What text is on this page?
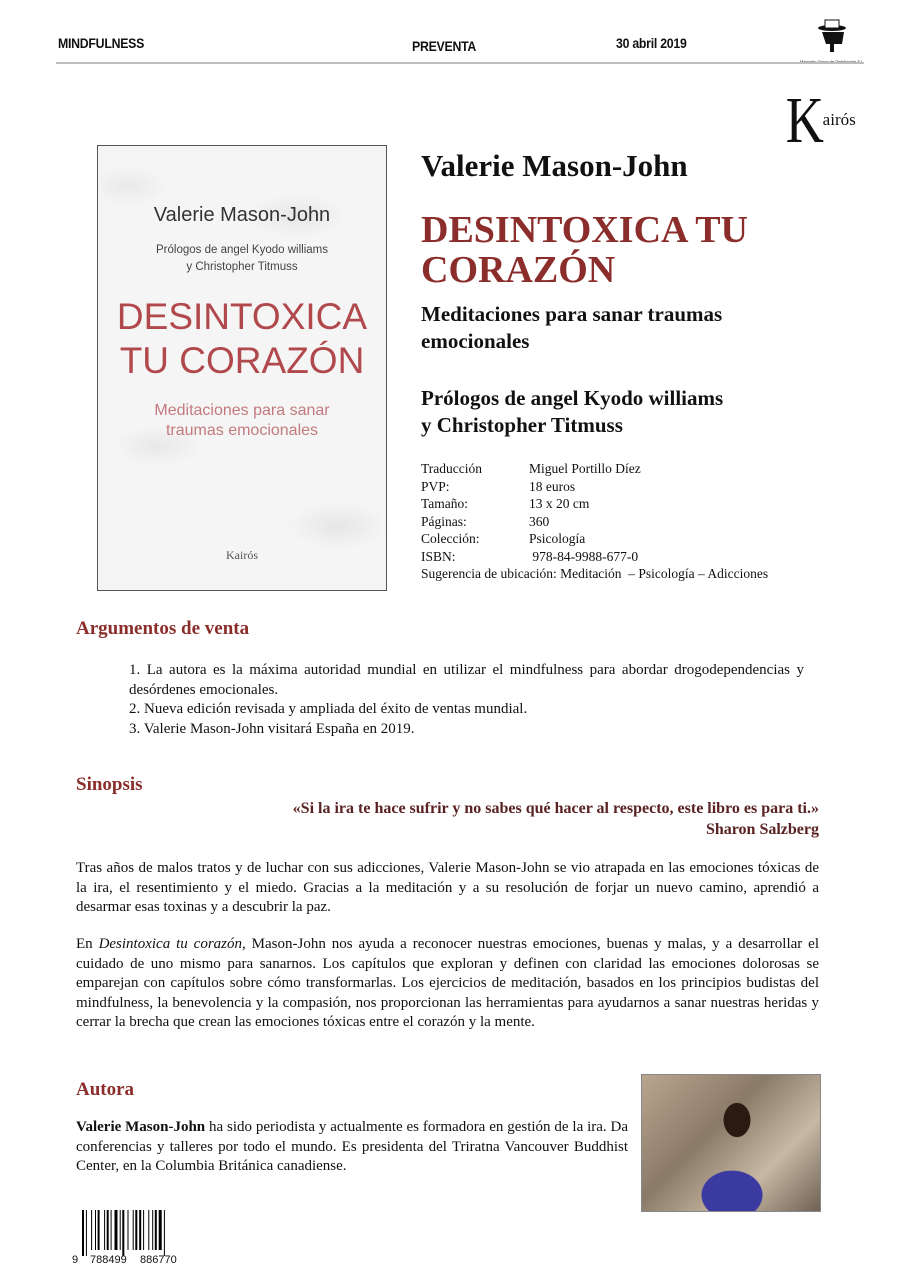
MINDFULNESS	PREVENTA	30 abril 2019
Kairós
Valerie Mason-John
Prólogos de angel Kyodo williams
y Christopher Titmuss
DESINTOXICA
TU CORAZÓN
Meditaciones para sanar
traumas emocionales
Kairós
Valerie Mason-John
DESINTOXICA TU
CORAZÓN
Meditaciones para sanar traumas
emocionales
Prólogos de angel Kyodo williams
y Christopher Titmuss
Traducción	Miguel Portillo Díez
PVP:	18 euros
Tamaño:	13 x 20 cm
Páginas:	360
Colección:	Psicología
ISBN:	978-84-9988-677-0
Sugerencia de ubicación: Meditación  – Psicología – Adicciones
Argumentos de venta
1. La autora es la máxima autoridad mundial en utilizar el mindfulness para abordar drogodependencias y desórdenes emocionales.
2. Nueva edición revisada y ampliada del éxito de ventas mundial.
3. Valerie Mason-John visitará España en 2019.
Sinopsis
«Si la ira te hace sufrir y no sabes qué hacer al respecto, este libro es para ti.»
Sharon Salzberg
Tras años de malos tratos y de luchar con sus adicciones, Valerie Mason-John se vio atrapada en las emociones tóxicas de la ira, el resentimiento y el miedo. Gracias a la meditación y a su resolución de forjar un nuevo camino, aprendió a desarmar esas toxinas y a descubrir la paz.
En Desintoxica tu corazón, Mason-John nos ayuda a reconocer nuestras emociones, buenas y malas, y a desarrollar el cuidado de uno mismo para sanarnos. Los capítulos que exploran y definen con claridad las emociones dolorosas se emparejan con capítulos sobre cómo transformarlas. Los ejercicios de meditación, basados en los principios budistas del mindfulness, la benevolencia y la compasión, nos proporcionan las herramientas para ayudarnos a sanar nuestras heridas y cerrar la brecha que crean las emociones tóxicas entre el corazón y la mente.
Autora
Valerie Mason-John ha sido periodista y actualmente es formadora en gestión de la ira. Da conferencias y talleres por todo el mundo. Es presidenta del Triratna Vancouver Buddhist Center, en la Columbia Británica canadiense.
9 788499 886770
